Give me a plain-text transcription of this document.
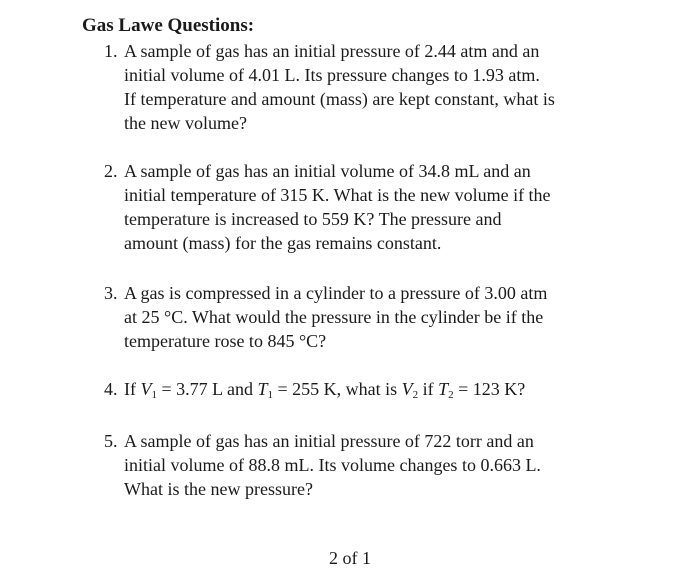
Gas Lawe Questions:
1. A sample of gas has an initial pressure of 2.44 atm and an
initial volume of 4.01 L. Its pressure changes to 1.93 atm.
If temperature and amount (mass) are kept constant, what is
the new volume?
2. A sample of gas has an initial volume of 34.8 mL and an
initial temperature of 315 K. What is the new volume if the
temperature is increased to 559 K? The pressure and
amount (mass) for the gas remains constant.
3. A gas is compressed in a cylinder to a pressure of 3.00 atm
at 25 °C. What would the pressure in the cylinder be if the
temperature rose to 845 °C?
4. If $V_1 = 3.77$ L and $T_1 = 255$ K, what is $V_2$ if $T_2 = 123$ K?
5. A sample of gas has an initial pressure of 722 torr and an
initial volume of 88.8 mL. Its volume changes to 0.663 L.
What is the new pressure?
2 of 1
